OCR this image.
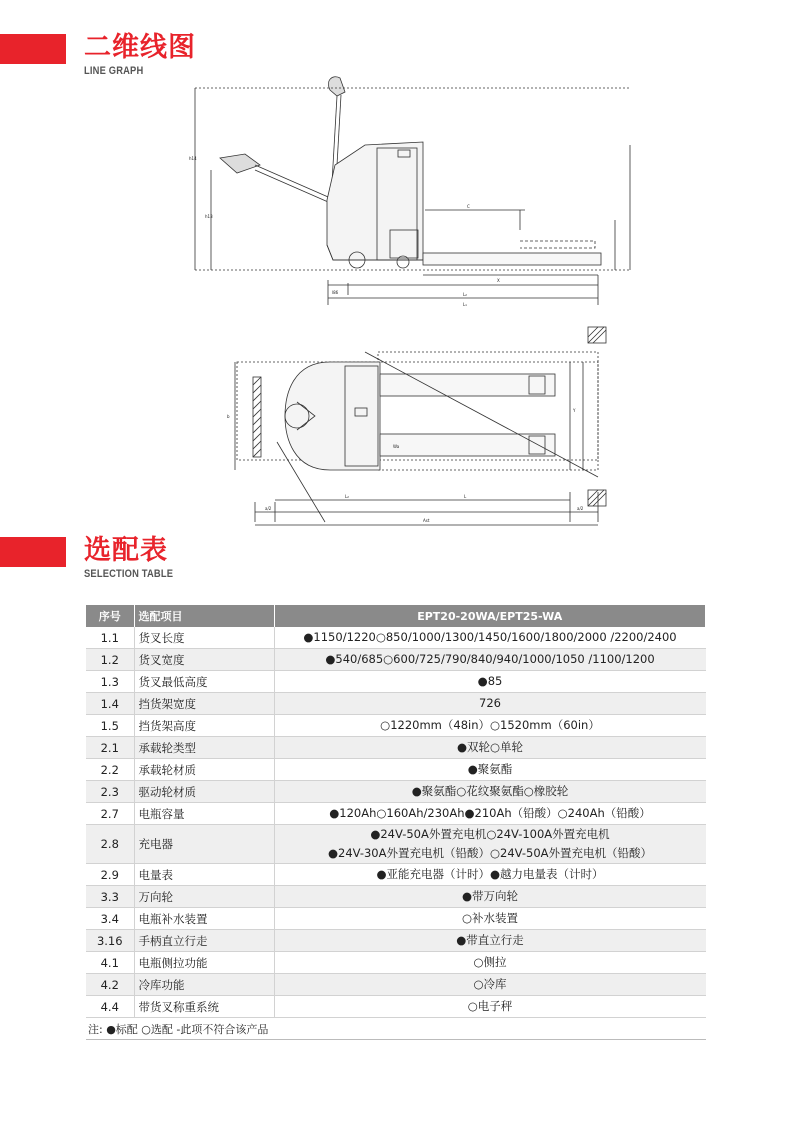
二维线图
LINE GRAPH
h14
h13
C
X
L₂
l86
L₁
L
L₂
a/2	a/2
Ast
Wa
b
Y
选配表
SELECTION TABLE
序号	选配项目	EPT20-20WA/EPT25-WA
1.1	货叉长度	●1150/1220○850/1000/1300/1450/1600/1800/2000 /2200/2400

1.2	货叉宽度	●540/685○600/725/790/840/940/1000/1050 /1100/1200

1.3	货叉最低高度	●85

1.4	挡货架宽度	726

1.5	挡货架高度	○1220mm（48in）○1520mm（60in）

2.1	承载轮类型	●双轮○单轮

2.2	承载轮材质	●聚氨酯

2.3	驱动轮材质	●聚氨酯○花纹聚氨酯○橡胶轮

2.7	电瓶容量	●120Ah○160Ah/230Ah●210Ah（铅酸）○240Ah（铅酸）

2.8	充电器	●24V-50A外置充电机○24V-100A外置充电机
●24V-30A外置充电机（铅酸）○24V-50A外置充电机（铅酸）

2.9	电量表	●亚能充电器（计时）●越力电量表（计时）

3.3	万向轮	●带万向轮

3.4	电瓶补水装置	○补水装置

3.16	手柄直立行走	●带直立行走

4.1	电瓶侧拉功能	○侧拉

4.2	冷库功能	○冷库

4.4	带货叉称重系统	○电子秤

注: ●标配 ○选配 -此项不符合该产品		
